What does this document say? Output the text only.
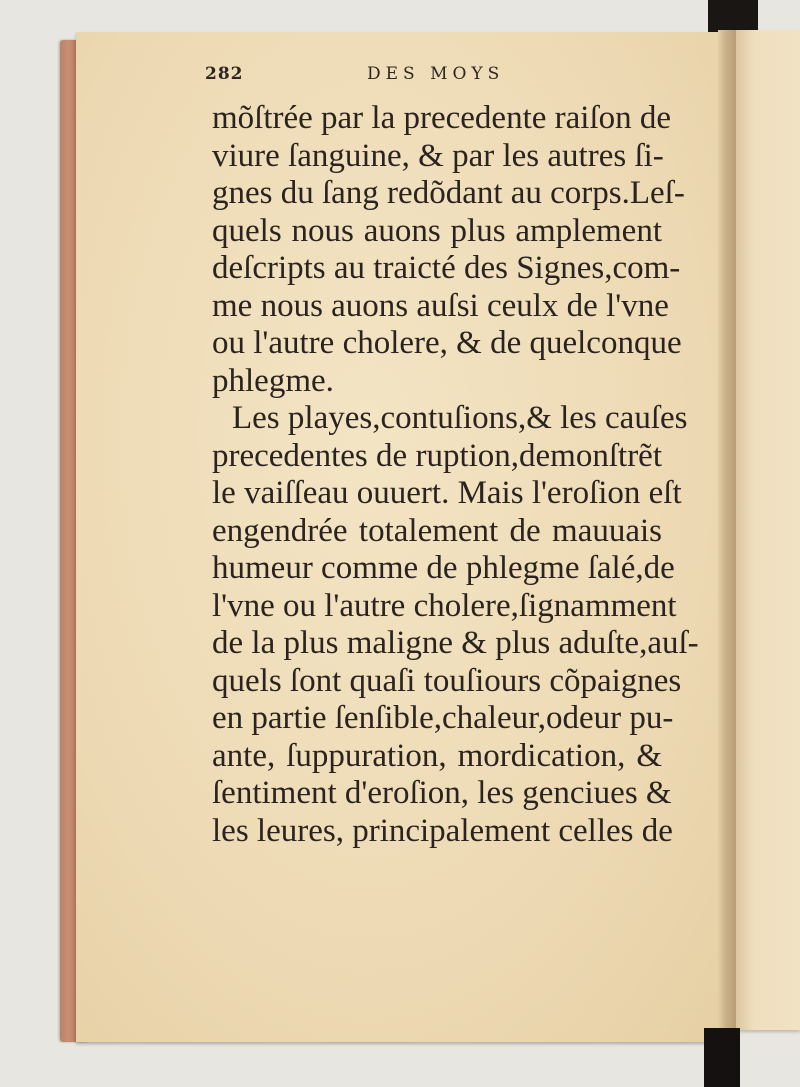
282	DES MOYS
mõſtrée par la precedente raiſon de
viure ſanguine, & par les autres ſi-
gnes du ſang redõdant au corps.Leſ-
quels nous auons plus amplement
deſcripts au traicté des Signes,com-
me nous auons auſsi ceulx de l'vne
ou l'autre cholere, & de quelconque
phlegme.
Les playes,contuſions,& les cauſes
precedentes de ruption,demonſtrẽt
le vaiſſeau ouuert. Mais l'eroſion eſt
engendrée totalement de mauuais
humeur comme de phlegme ſalé,de
l'vne ou l'autre cholere,ſignamment
de la plus maligne & plus aduſte,auſ-
quels ſont quaſi touſiours cõpaignes
en partie ſenſible,chaleur,odeur pu-
ante, ſuppuration, mordication, &
ſentiment d'eroſion, les genciues &
les leures, principalement celles de
